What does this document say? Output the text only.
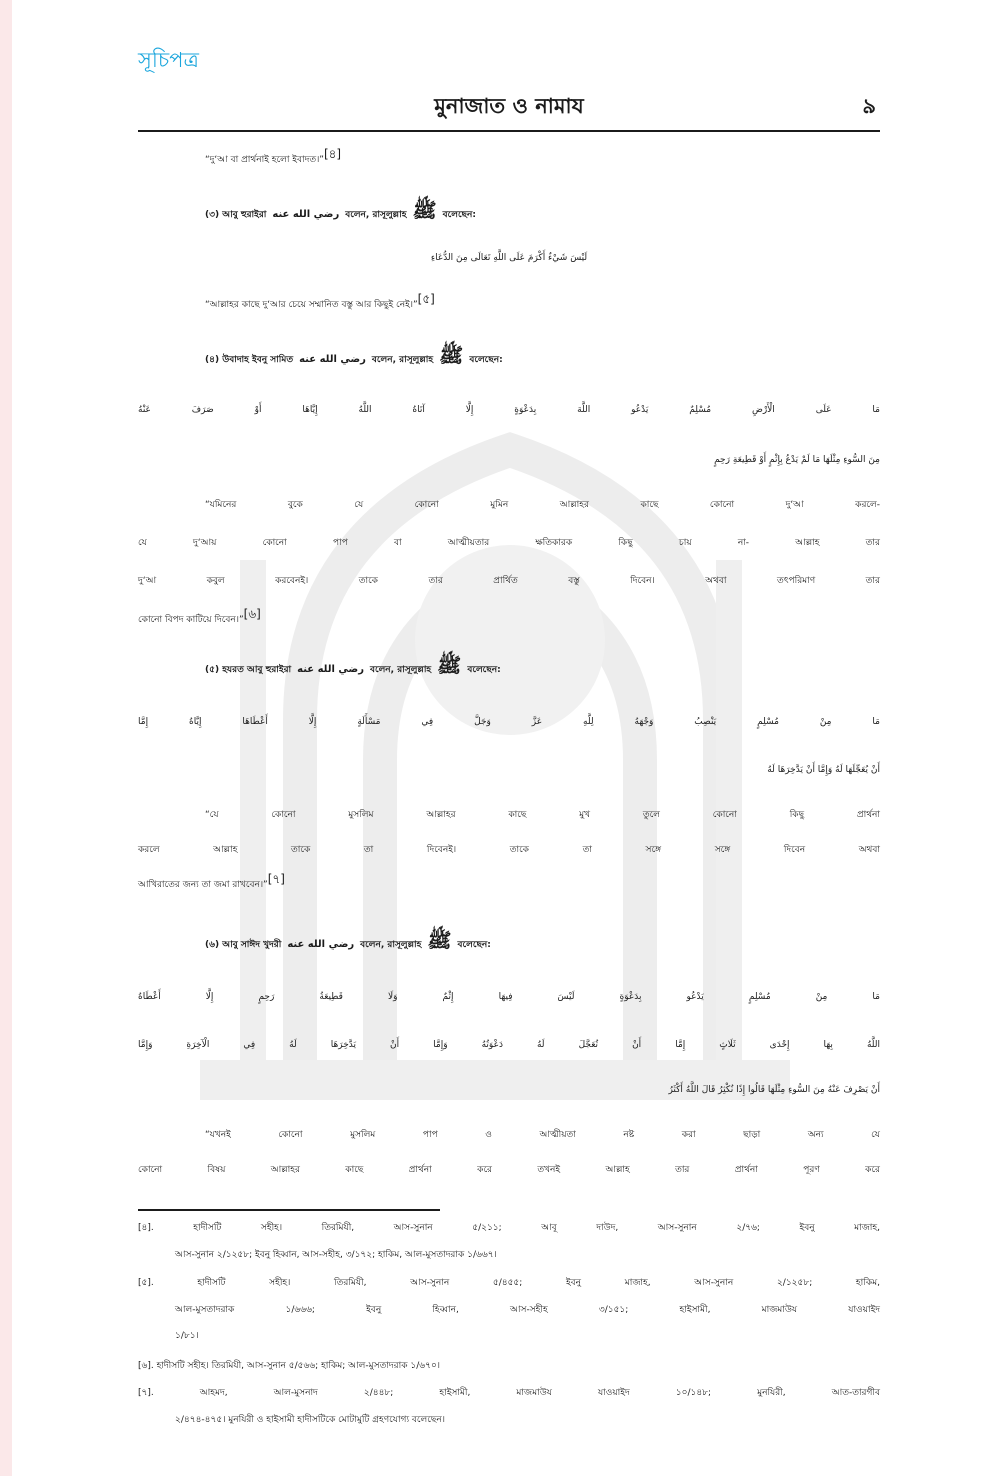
সূচিপত্র
মুনাজাত ও নামায	৯
“দু‘আ বা প্রার্থনাই হলো ইবাদত।”[৪]
(৩) আবু হুরাইরা رضي الله عنه বলেন, রাসূলুল্লাহ ﷺ বলেছেন:
لَيْسَ شَيْءٌ أَكْرَمَ عَلَى اللَّهِ تَعَالَى مِنَ الدُّعَاءِ
“আল্লাহর কাছে দু‘আর চেয়ে সম্মানিত বস্তু আর কিছুই নেই।”[৫]
(৪) উবাদাহ ইবনু সামিত رضي الله عنه বলেন, রাসূলুল্লাহ ﷺ বলেছেন:
مَا عَلَى الْأَرْضِ مُسْلِمٌ يَدْعُو اللَّهَ بِدَعْوَةٍ إِلَّا آتَاهُ اللَّهُ إِيَّاهَا أَوْ صَرَفَ عَنْهُ
مِنَ السُّوءِ مِثْلَهَا مَا لَمْ يَدْعُ بِإِثْمٍ أَوْ قَطِيعَةِ رَحِمٍ
“যমিনের বুকে যে কোনো মুমিন আল্লাহর কাছে কোনো দু‘আ করলে-
যে দু‘আয় কোনো পাপ বা আত্মীয়তার ক্ষতিকারক কিছু চায় না- আল্লাহ তার
দু‘আ কবুল করবেনই। তাকে তার প্রার্থিত বস্তু দিবেন। অথবা তৎপরিমাণ তার
কোনো বিপদ কাটিয়ে দিবেন।”[৬]
(৫) হযরত আবু হুরাইরা رضي الله عنه বলেন, রাসূলুল্লাহ ﷺ বলেছেন:
مَا مِنْ مُسْلِمٍ يَنْصِبُ وَجْهَهُ لِلَّهِ عَزَّ وَجَلَّ فِي مَسْأَلَةٍ إِلَّا أَعْطَاهَا إِيَّاهُ إِمَّا
أَنْ يُعَجِّلَهَا لَهُ وَإِمَّا أَنْ يَدَّخِرَهَا لَهُ
“যে কোনো মুসলিম আল্লাহর কাছে মুখ তুলে কোনো কিছু প্রার্থনা
করলে আল্লাহ তাকে তা দিবেনই। তাকে তা সঙ্গে সঙ্গে দিবেন অথবা
আখিরাতের জন্য তা জমা রাখবেন।”[৭]
(৬) আবু সাঈদ খুদরী رضي الله عنه বলেন, রাসূলুল্লাহ ﷺ বলেছেন:
مَا مِنْ مُسْلِمٍ يَدْعُو بِدَعْوَةٍ لَيْسَ فِيهَا إِثْمٌ وَلَا قَطِيعَةُ رَحِمٍ إِلَّا أَعْطَاهُ
اللَّهُ بِهَا إِحْدَى ثَلَاثٍ إِمَّا أَنْ تُعَجَّلَ لَهُ دَعْوَتُهُ وَإِمَّا أَنْ يَدَّخِرَهَا لَهُ فِي الْآخِرَةِ وَإِمَّا
أَنْ يَصْرِفَ عَنْهُ مِنَ السُّوءِ مِثْلَهَا قَالُوا إِذًا نُكْثِرُ قَالَ اللَّهُ أَكْثَرُ
“যখনই কোনো মুসলিম পাপ ও আত্মীয়তা নষ্ট করা ছাড়া অন্য যে
কোনো বিষয় আল্লাহর কাছে প্রার্থনা করে তখনই আল্লাহ তার প্রার্থনা পূরণ করে
[৪]. হাদীসটি সহীহ। তিরমিযী, আস-সুনান ৫/২১১; আবূ দাউদ, আস-সুনান ২/৭৬; ইবনু মাজাহ,
আস-সুনান ২/১২৫৮; ইবনু হিব্বান, আস-সহীহ, ৩/১৭২; হাকিম, আল-মুসতাদরাক ১/৬৬৭।
[৫]. হাদীসটি সহীহ। তিরমিযী, আস-সুনান ৫/৪৫৫; ইবনু মাজাহ, আস-সুনান ২/১২৫৮; হাকিম,
আল-মুসতাদরাক ১/৬৬৬; ইবনু হিব্বান, আস-সহীহ ৩/১৫১; হাইসামী, মাজমাউয যাওয়াইদ
১/৮১।
[৬]. হাদীসটি সহীহ। তিরমিযী, আস-সুনান ৫/৫৬৬; হাকিম; আল-মুসতাদরাক ১/৬৭০।
[৭]. আহমদ, আল-মুসনাদ ২/৪৪৮; হাইসামী, মাজমাউয যাওয়াইদ ১০/১৪৮; মুনযিরী, আত-তারগীব
২/৪৭৪-৪৭৫। মুনযিরী ও হাইসামী হাদীসটিকে মোটামুটি গ্রহণযোগ্য বলেছেন।
